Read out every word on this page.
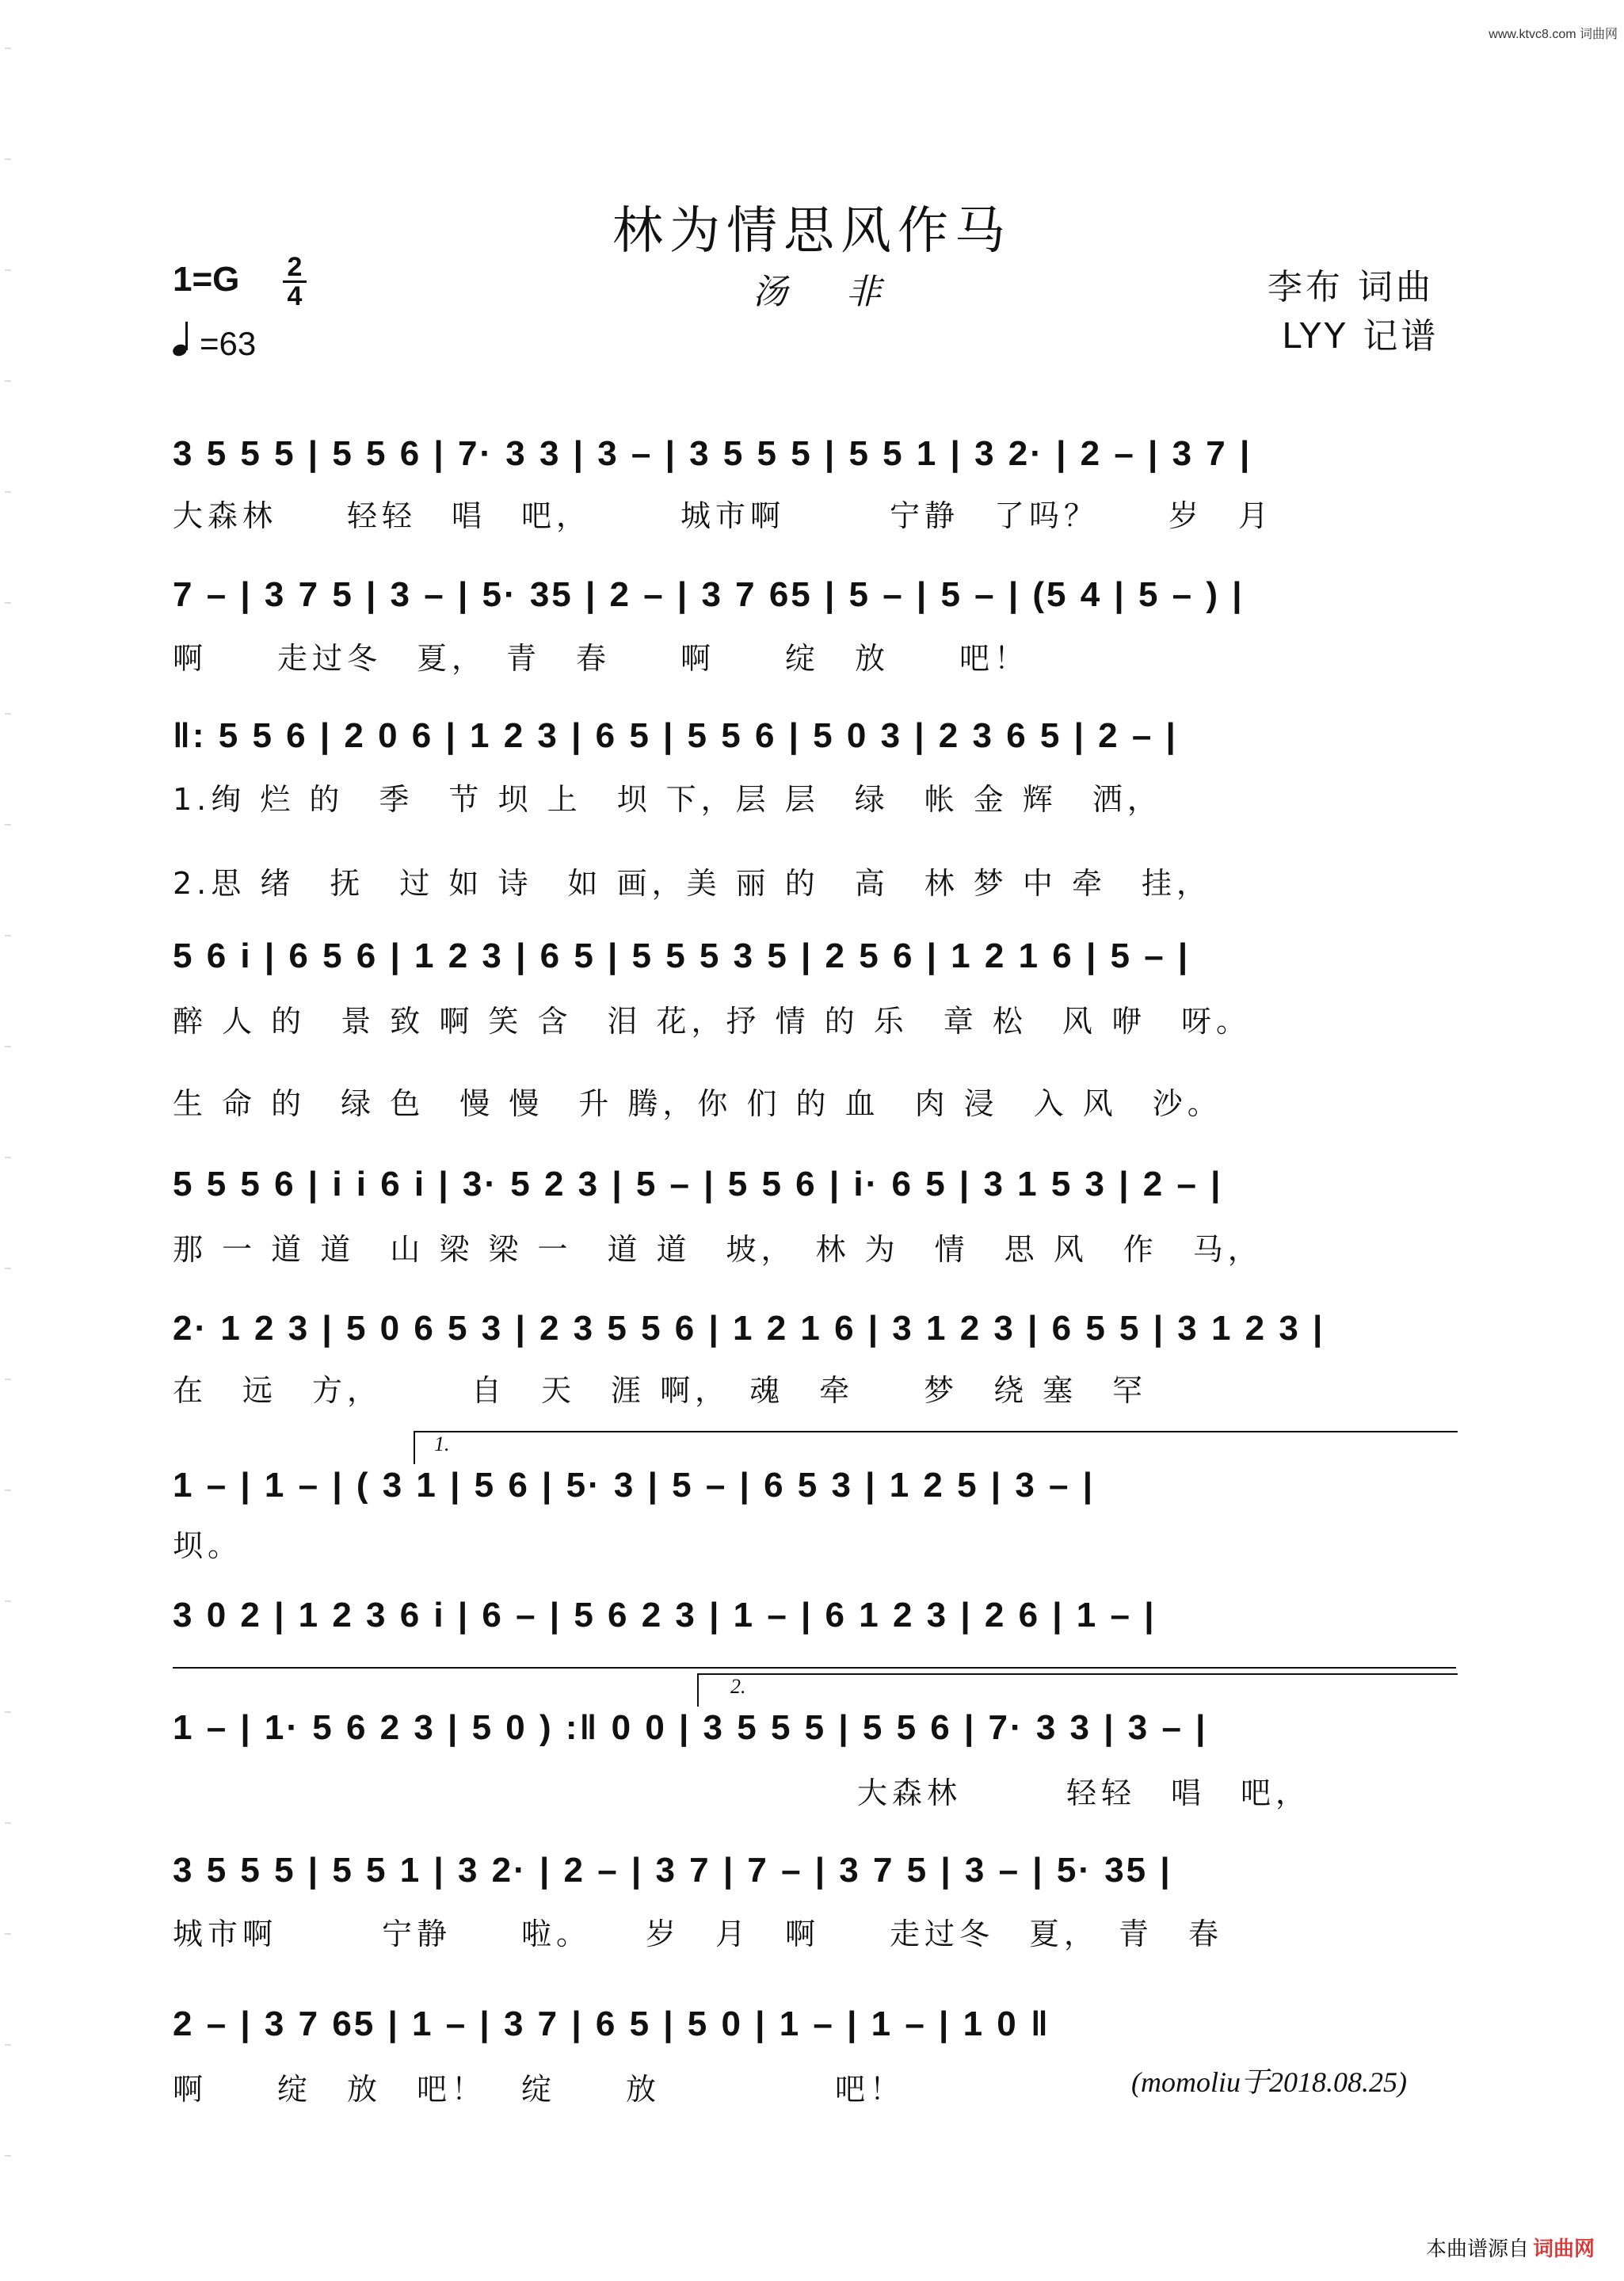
www.ktvc8.com 词曲网
林为情思风作马
1=G 2
4
=63
汤 非	李布 词曲
LYY 记谱
3 5 5 5 | 5 5 6 | 7· 3 3 | 3 – | 3 5 5 5 | 5 5 1 | 3 2· | 2 – | 3 7 |
大森林　　轻轻　唱　吧，　　　城市啊　　　宁静　了吗？　　岁　月
7 – | 3 7 5 | 3 – | 5· 35 | 2 – | 3 7 65 | 5 – | 5 – | (5 4 | 5 – ) |
啊　　走过冬　夏，　青　春　　啊　　绽　放　　吧！
‖: 5 5 6 | 2 0 6 | 1 2 3 | 6 5 | 5 5 6 | 5 0 3 | 2 3 6 5 | 2 – |
1.绚 烂 的　季　节 坝 上　坝 下，层 层　绿　帐 金 辉　洒，
2.思 绪　抚　过 如 诗　如 画，美 丽 的　高　林 梦 中 牵　挂，
5 6 i | 6 5 6 | 1 2 3 | 6 5 | 5 5 5 3 5 | 2 5 6 | 1 2 1 6 | 5 – |
醉 人 的　景 致 啊 笑 含　泪 花，抒 情 的 乐　章 松　风 咿　呀。
生 命 的　绿 色　慢 慢　升 腾，你 们 的 血　肉 浸　入 风　沙。
5 5 5 6 | i i 6 i | 3· 5 2 3 | 5 – | 5 5 6 | i· 6 5 | 3 1 5 3 | 2 – |
那 一 道 道　山 梁 梁 一　道 道　坡，　林 为　情　思 风　作　马，
2· 1 2 3 | 5 0 6 5 3 | 2 3 5 5 6 | 1 2 1 6 | 3 1 2 3 | 6 5 5 | 3 1 2 3 |
在　远　方，　　　自　天　涯 啊，　魂　牵　　梦　绕 塞　罕
1.
1 – | 1 – | ( 3 1 | 5 6 | 5· 3 | 5 – | 6 5 3 | 1 2 5 | 3 – |
坝。
3 0 2 | 1 2 3 6 i | 6 – | 5 6 2 3 | 1 – | 6 1 2 3 | 2 6 | 1 – |
2.
1 – | 1· 5 6 2 3 | 5 0 ) :‖ 0 0 | 3 5 5 5 | 5 5 6 | 7· 3 3 | 3 – |
大森林　　　轻轻　唱　吧，
3 5 5 5 | 5 5 1 | 3 2· | 2 – | 3 7 | 7 – | 3 7 5 | 3 – | 5· 35 |
城市啊　　　宁静　　啦。　　岁　月　啊　　走过冬　夏，　青　春
2 – | 3 7 65 | 1 – | 3 7 | 6 5 | 5 0 | 1 – | 1 – | 1 0 ‖
啊　　绽　放　吧！　绽　　放　　　　　吧！	(momoliu于2018.08.25)
本曲谱源自 词曲网
